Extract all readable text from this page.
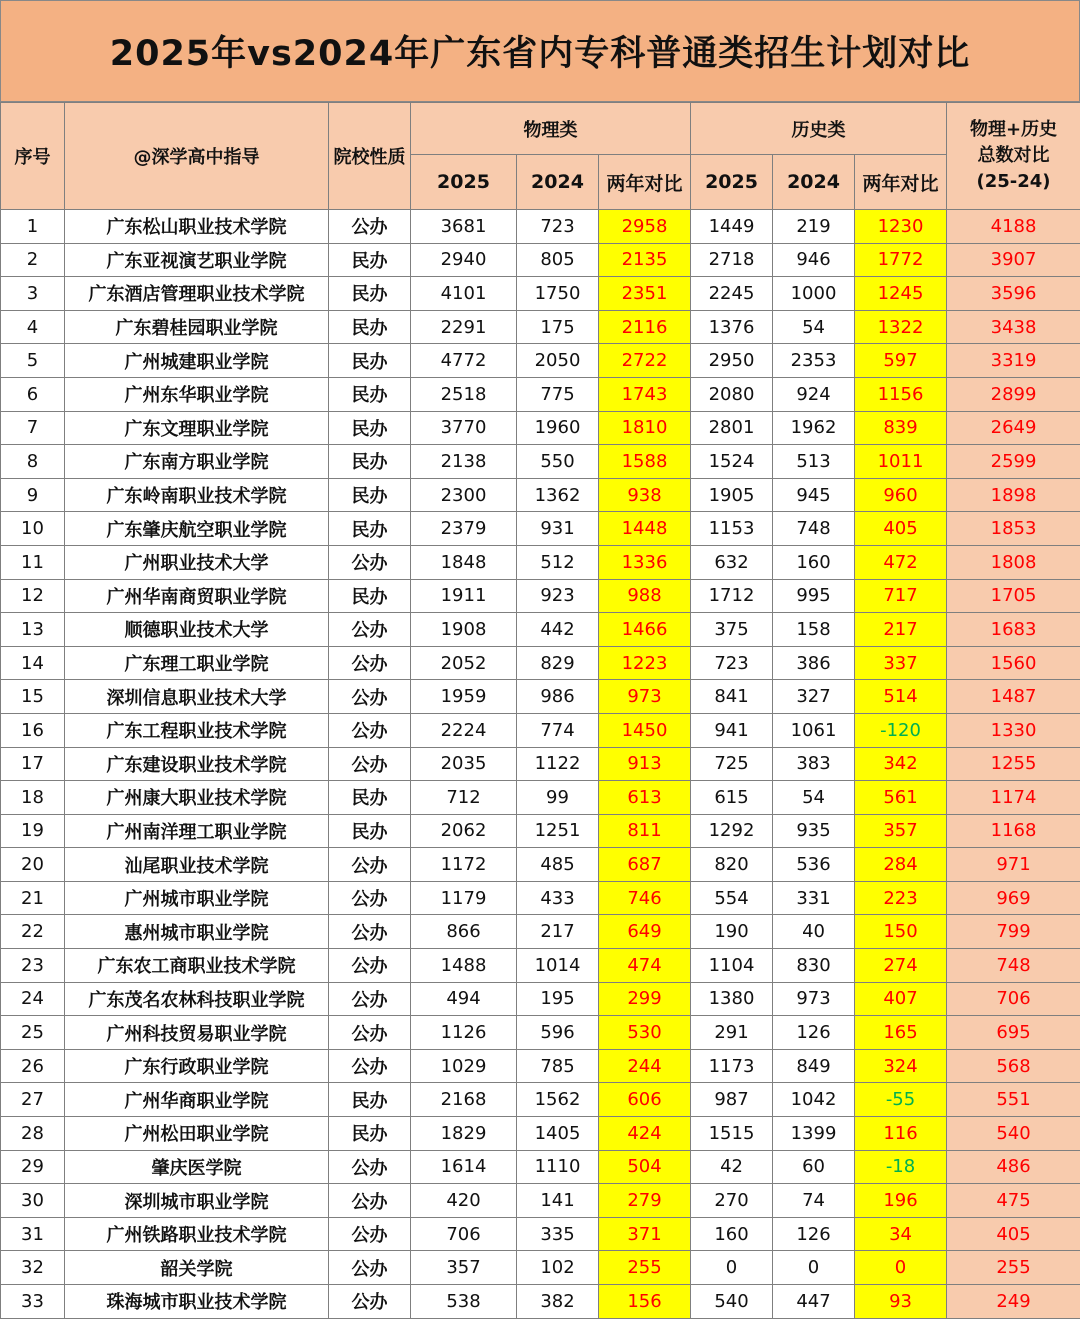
2025年vs2024年广东省内专科普通类招生计划对比
序号	@深学高中指导	院校性质	物理类			历史类			物理+历史
总数对比
(25-24)
			2025	2024	两年对比	2025	2024	两年对比	
1	广东松山职业技术学院	公办	3681	723	2958	1449	219	1230	4188
2	广东亚视演艺职业学院	民办	2940	805	2135	2718	946	1772	3907
3	广东酒店管理职业技术学院	民办	4101	1750	2351	2245	1000	1245	3596
4	广东碧桂园职业学院	民办	2291	175	2116	1376	54	1322	3438
5	广州城建职业学院	民办	4772	2050	2722	2950	2353	597	3319
6	广州东华职业学院	民办	2518	775	1743	2080	924	1156	2899
7	广东文理职业学院	民办	3770	1960	1810	2801	1962	839	2649
8	广东南方职业学院	民办	2138	550	1588	1524	513	1011	2599
9	广东岭南职业技术学院	民办	2300	1362	938	1905	945	960	1898
10	广东肇庆航空职业学院	民办	2379	931	1448	1153	748	405	1853
11	广州职业技术大学	公办	1848	512	1336	632	160	472	1808
12	广州华南商贸职业学院	民办	1911	923	988	1712	995	717	1705
13	顺德职业技术大学	公办	1908	442	1466	375	158	217	1683
14	广东理工职业学院	公办	2052	829	1223	723	386	337	1560
15	深圳信息职业技术大学	公办	1959	986	973	841	327	514	1487
16	广东工程职业技术学院	公办	2224	774	1450	941	1061	-120	1330
17	广东建设职业技术学院	公办	2035	1122	913	725	383	342	1255
18	广州康大职业技术学院	民办	712	99	613	615	54	561	1174
19	广州南洋理工职业学院	民办	2062	1251	811	1292	935	357	1168
20	汕尾职业技术学院	公办	1172	485	687	820	536	284	971
21	广州城市职业学院	公办	1179	433	746	554	331	223	969
22	惠州城市职业学院	公办	866	217	649	190	40	150	799
23	广东农工商职业技术学院	公办	1488	1014	474	1104	830	274	748
24	广东茂名农林科技职业学院	公办	494	195	299	1380	973	407	706
25	广州科技贸易职业学院	公办	1126	596	530	291	126	165	695
26	广东行政职业学院	公办	1029	785	244	1173	849	324	568
27	广州华商职业学院	民办	2168	1562	606	987	1042	-55	551
28	广州松田职业学院	民办	1829	1405	424	1515	1399	116	540
29	肇庆医学院	公办	1614	1110	504	42	60	-18	486
30	深圳城市职业学院	公办	420	141	279	270	74	196	475
31	广州铁路职业技术学院	公办	706	335	371	160	126	34	405
32	韶关学院	公办	357	102	255	0	0	0	255
33	珠海城市职业技术学院	公办	538	382	156	540	447	93	249
